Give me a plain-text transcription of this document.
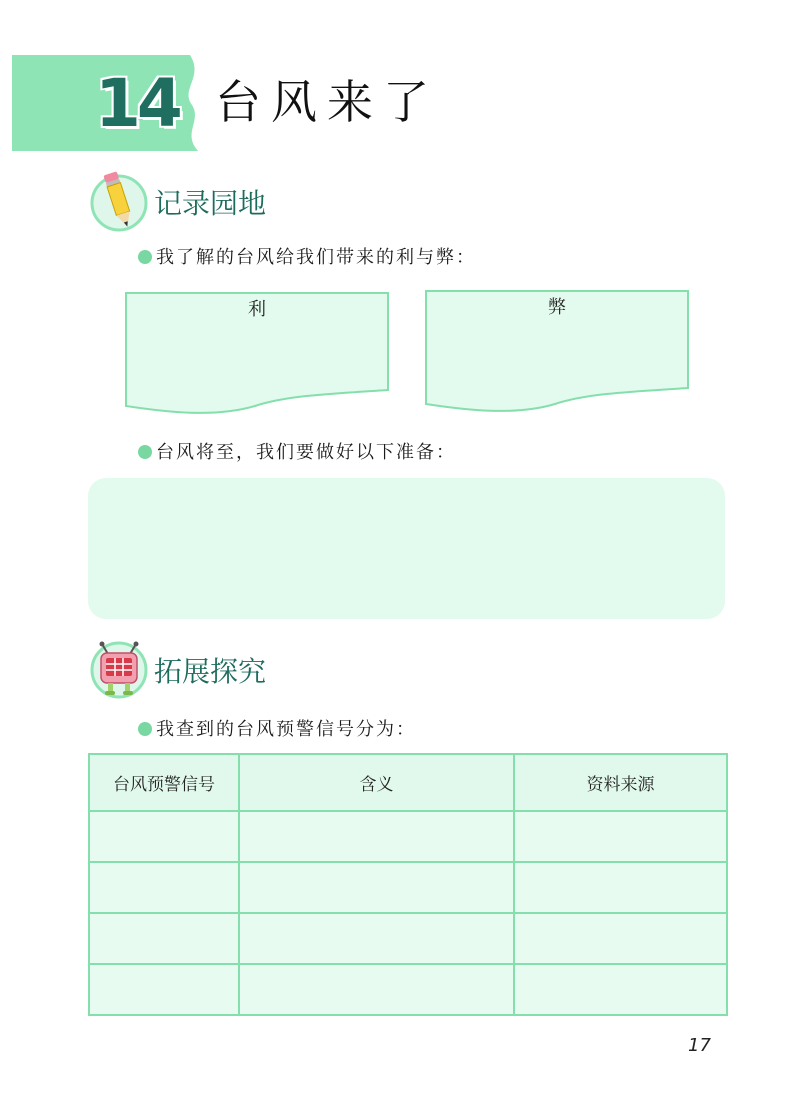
14 台风来了
记录园地
我了解的台风给我们带来的利与弊：
利	弊
台风将至，我们要做好以下准备：
拓展探究
我查到的台风预警信号分为：
台风预警信号	含义	资料来源

17
